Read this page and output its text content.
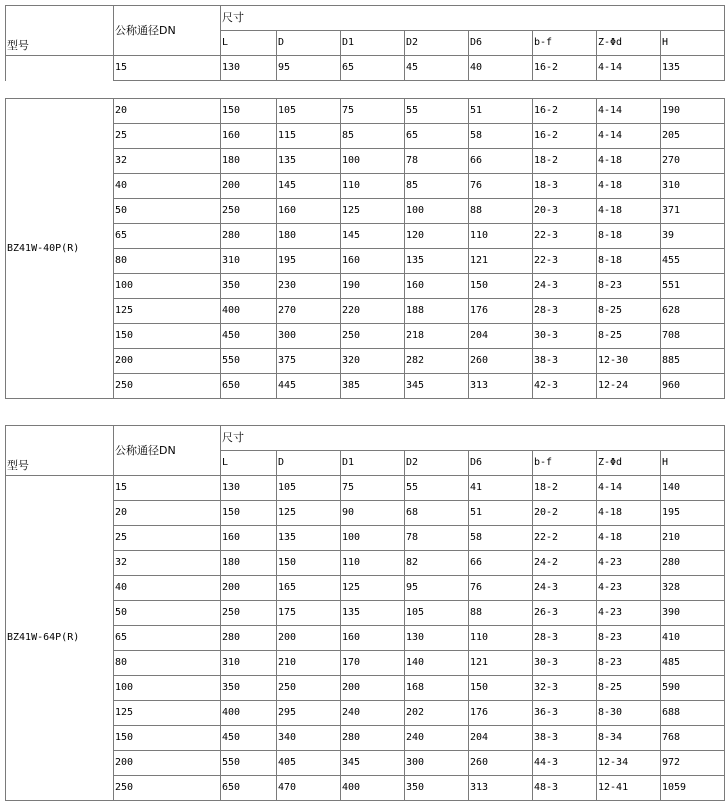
型号	公称通径DN	尺寸							
		L	D	D1	D2	D6	b-f	Z-Φd	H
	15	130	95	65	45	40	16-2	4-14	135
BZ41W-40P(R)	20	150	105	75	55	51	16-2	4-14	190
	25	160	115	85	65	58	16-2	4-14	205
	32	180	135	100	78	66	18-2	4-18	270
	40	200	145	110	85	76	18-3	4-18	310
	50	250	160	125	100	88	20-3	4-18	371
	65	280	180	145	120	110	22-3	8-18	39
	80	310	195	160	135	121	22-3	8-18	455
	100	350	230	190	160	150	24-3	8-23	551
	125	400	270	220	188	176	28-3	8-25	628
	150	450	300	250	218	204	30-3	8-25	708
	200	550	375	320	282	260	38-3	12-30	885
	250	650	445	385	345	313	42-3	12-24	960
型号	公称通径DN	尺寸							
		L	D	D1	D2	D6	b-f	Z-Φd	H
BZ41W-64P(R)	15	130	105	75	55	41	18-2	4-14	140
	20	150	125	90	68	51	20-2	4-18	195
	25	160	135	100	78	58	22-2	4-18	210
	32	180	150	110	82	66	24-2	4-23	280
	40	200	165	125	95	76	24-3	4-23	328
	50	250	175	135	105	88	26-3	4-23	390
	65	280	200	160	130	110	28-3	8-23	410
	80	310	210	170	140	121	30-3	8-23	485
	100	350	250	200	168	150	32-3	8-25	590
	125	400	295	240	202	176	36-3	8-30	688
	150	450	340	280	240	204	38-3	8-34	768
	200	550	405	345	300	260	44-3	12-34	972
	250	650	470	400	350	313	48-3	12-41	1059
